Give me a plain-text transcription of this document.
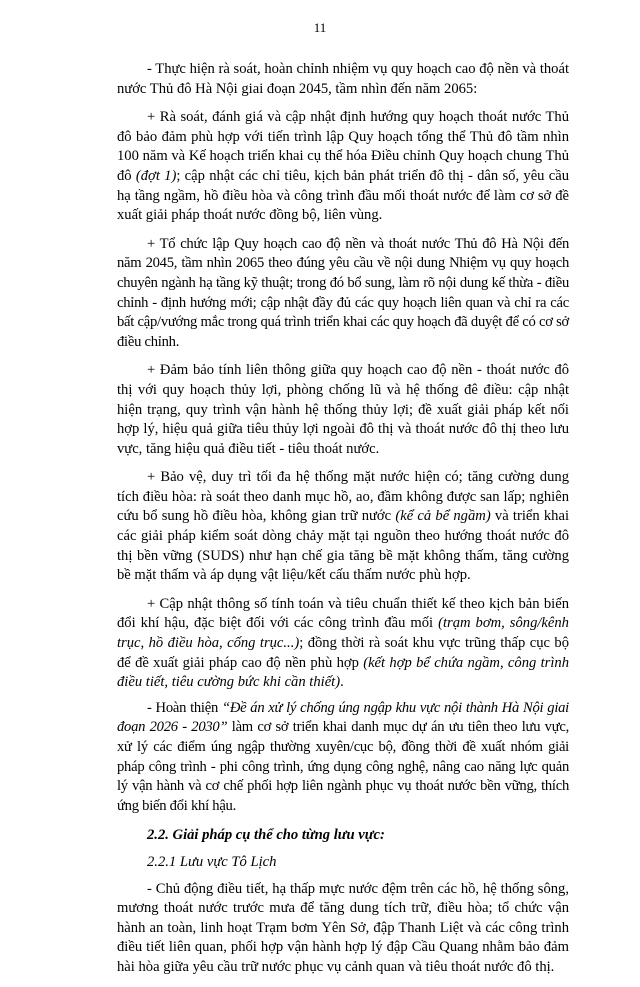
11

- Thực hiện rà soát, hoàn chỉnh nhiệm vụ quy hoạch cao độ nền và thoát nước Thủ đô Hà Nội giai đoạn 2045, tầm nhìn đến năm 2065:

+ Rà soát, đánh giá và cập nhật định hướng quy hoạch thoát nước Thủ đô bảo đảm phù hợp với tiến trình lập Quy hoạch tổng thể Thủ đô tầm nhìn 100 năm và Kế hoạch triển khai cụ thể hóa Điều chỉnh Quy hoạch chung Thủ đô (đợt 1); cập nhật các chỉ tiêu, kịch bản phát triển đô thị - dân số, yêu cầu hạ tầng ngầm, hồ điều hòa và công trình đầu mối thoát nước để làm cơ sở đề xuất giải pháp thoát nước đồng bộ, liên vùng.

+ Tổ chức lập Quy hoạch cao độ nền và thoát nước Thủ đô Hà Nội đến năm 2045, tầm nhìn 2065 theo đúng yêu cầu về nội dung Nhiệm vụ quy hoạch chuyên ngành hạ tầng kỹ thuật; trong đó bổ sung, làm rõ nội dung kế thừa - điều chỉnh - định hướng mới; cập nhật đầy đủ các quy hoạch liên quan và chỉ ra các bất cập/vướng mắc trong quá trình triển khai các quy hoạch đã duyệt để có cơ sở điều chỉnh.

+ Đảm bảo tính liên thông giữa quy hoạch cao độ nền - thoát nước đô thị với quy hoạch thủy lợi, phòng chống lũ và hệ thống đê điều: cập nhật hiện trạng, quy trình vận hành hệ thống thủy lợi; đề xuất giải pháp kết nối hợp lý, hiệu quả giữa tiêu thủy lợi ngoài đô thị và thoát nước đô thị theo lưu vực, tăng hiệu quả điều tiết - tiêu thoát nước.

+ Bảo vệ, duy trì tối đa hệ thống mặt nước hiện có; tăng cường dung tích điều hòa: rà soát theo danh mục hồ, ao, đầm không được san lấp; nghiên cứu bổ sung hồ điều hòa, không gian trữ nước (kể cả bể ngầm) và triển khai các giải pháp kiểm soát dòng chảy mặt tại nguồn theo hướng thoát nước đô thị bền vững (SUDS) như hạn chế gia tăng bề mặt không thấm, tăng cường bề mặt thấm và áp dụng vật liệu/kết cấu thấm nước phù hợp.

+ Cập nhật thông số tính toán và tiêu chuẩn thiết kế theo kịch bản biến đổi khí hậu, đặc biệt đối với các công trình đầu mối (trạm bơm, sông/kênh trục, hồ điều hòa, cống trục...); đồng thời rà soát khu vực trũng thấp cục bộ để đề xuất giải pháp cao độ nền phù hợp (kết hợp bể chứa ngầm, công trình điều tiết, tiêu cường bức khi cần thiết).

- Hoàn thiện “Đề án xử lý chống úng ngập khu vực nội thành Hà Nội giai đoạn 2026 - 2030” làm cơ sở triển khai danh mục dự án ưu tiên theo lưu vực, xử lý các điểm úng ngập thường xuyên/cục bộ, đồng thời đề xuất nhóm giải pháp công trình - phi công trình, ứng dụng công nghệ, nâng cao năng lực quản lý vận hành và cơ chế phối hợp liên ngành phục vụ thoát nước bền vững, thích ứng biến đổi khí hậu.

2.2. Giải pháp cụ thể cho từng lưu vực:

2.2.1 Lưu vực Tô Lịch

- Chủ động điều tiết, hạ thấp mực nước đệm trên các hồ, hệ thống sông, mương thoát nước trước mưa để tăng dung tích trữ, điều hòa; tổ chức vận hành an toàn, linh hoạt Trạm bơm Yên Sở, đập Thanh Liệt và các công trình điều tiết liên quan, phối hợp vận hành hợp lý đập Cầu Quang nhằm bảo đảm hài hòa giữa yêu cầu trữ nước phục vụ cảnh quan và tiêu thoát nước đô thị.
